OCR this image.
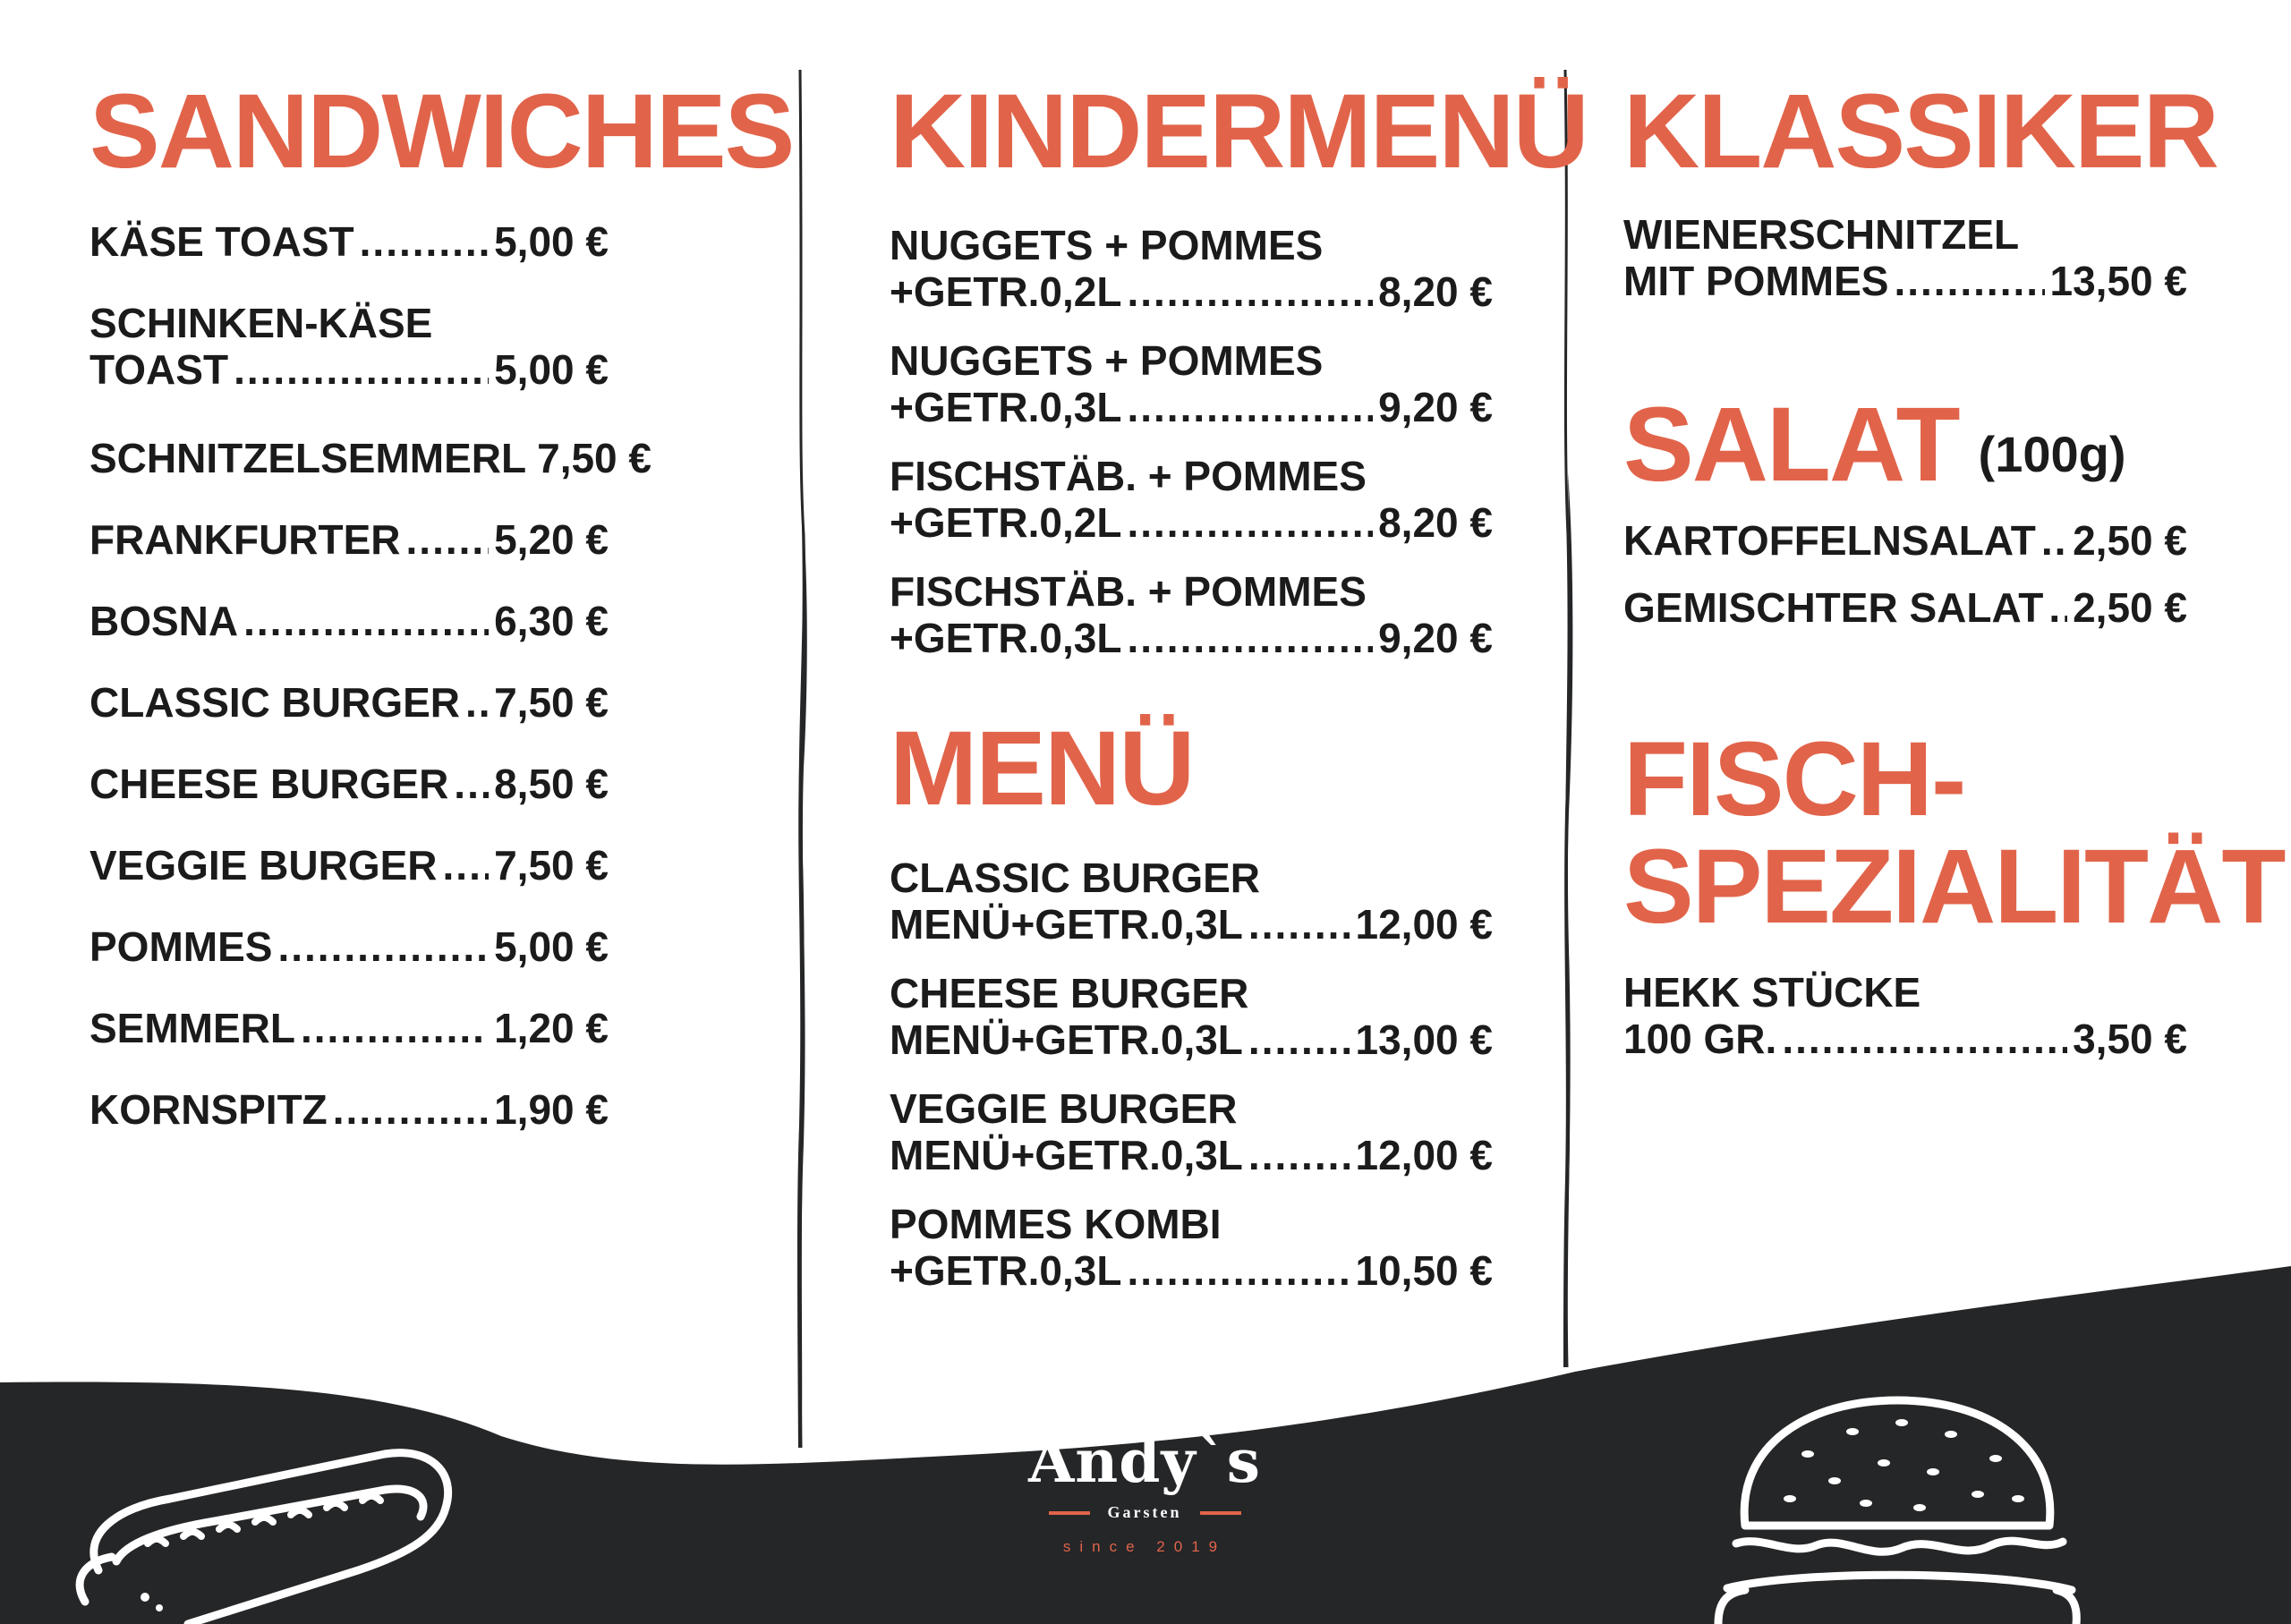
SANDWICHES
KÄSE TOAST .....	5,00 €
SCHINKEN-KÄSE
TOAST .....	5,00 €
SCHNITZELSEMMERL 7,50 €
FRANKFURTER ..... 5,20 €
BOSNA .....	6,30 €
CLASSIC BURGER ..... 7,50 €
CHEESE BURGER ..... 8,50 €
VEGGIE BURGER ..... 7,50 €
POMMES .....	5,00 €
SEMMERL .....	1,20 €
KORNSPITZ .....	1,90 €
KINDERMENÜ
NUGGETS + POMMES
+GETR.0,2L .....	8,20 €
NUGGETS + POMMES
+GETR.0,3L .....	9,20 €
FISCHSTÄB. + POMMES
+GETR.0,2L .....	8,20 €
FISCHSTÄB. + POMMES
+GETR.0,3L .....	9,20 €
MENÜ
CLASSIC BURGER
MENÜ+GETR.0,3L .....	12,00 €
CHEESE BURGER
MENÜ+GETR.0,3L .....	13,00 €
VEGGIE BURGER
MENÜ+GETR.0,3L .....	12,00 €
POMMES KOMBI
+GETR.0,3L .....	10,50 €
KLASSIKER
WIENERSCHNITZEL
MIT POMMES .....	13,50 €
SALAT (100g)
KARTOFFELNSALAT ..... 2,50 €
GEMISCHTER SALAT ..... 2,50 €
FISCH-
SPEZIALITÄT
HEKK STÜCKE
100 GR. .....	3,50 €
Andy`s
Garsten
since 2019
